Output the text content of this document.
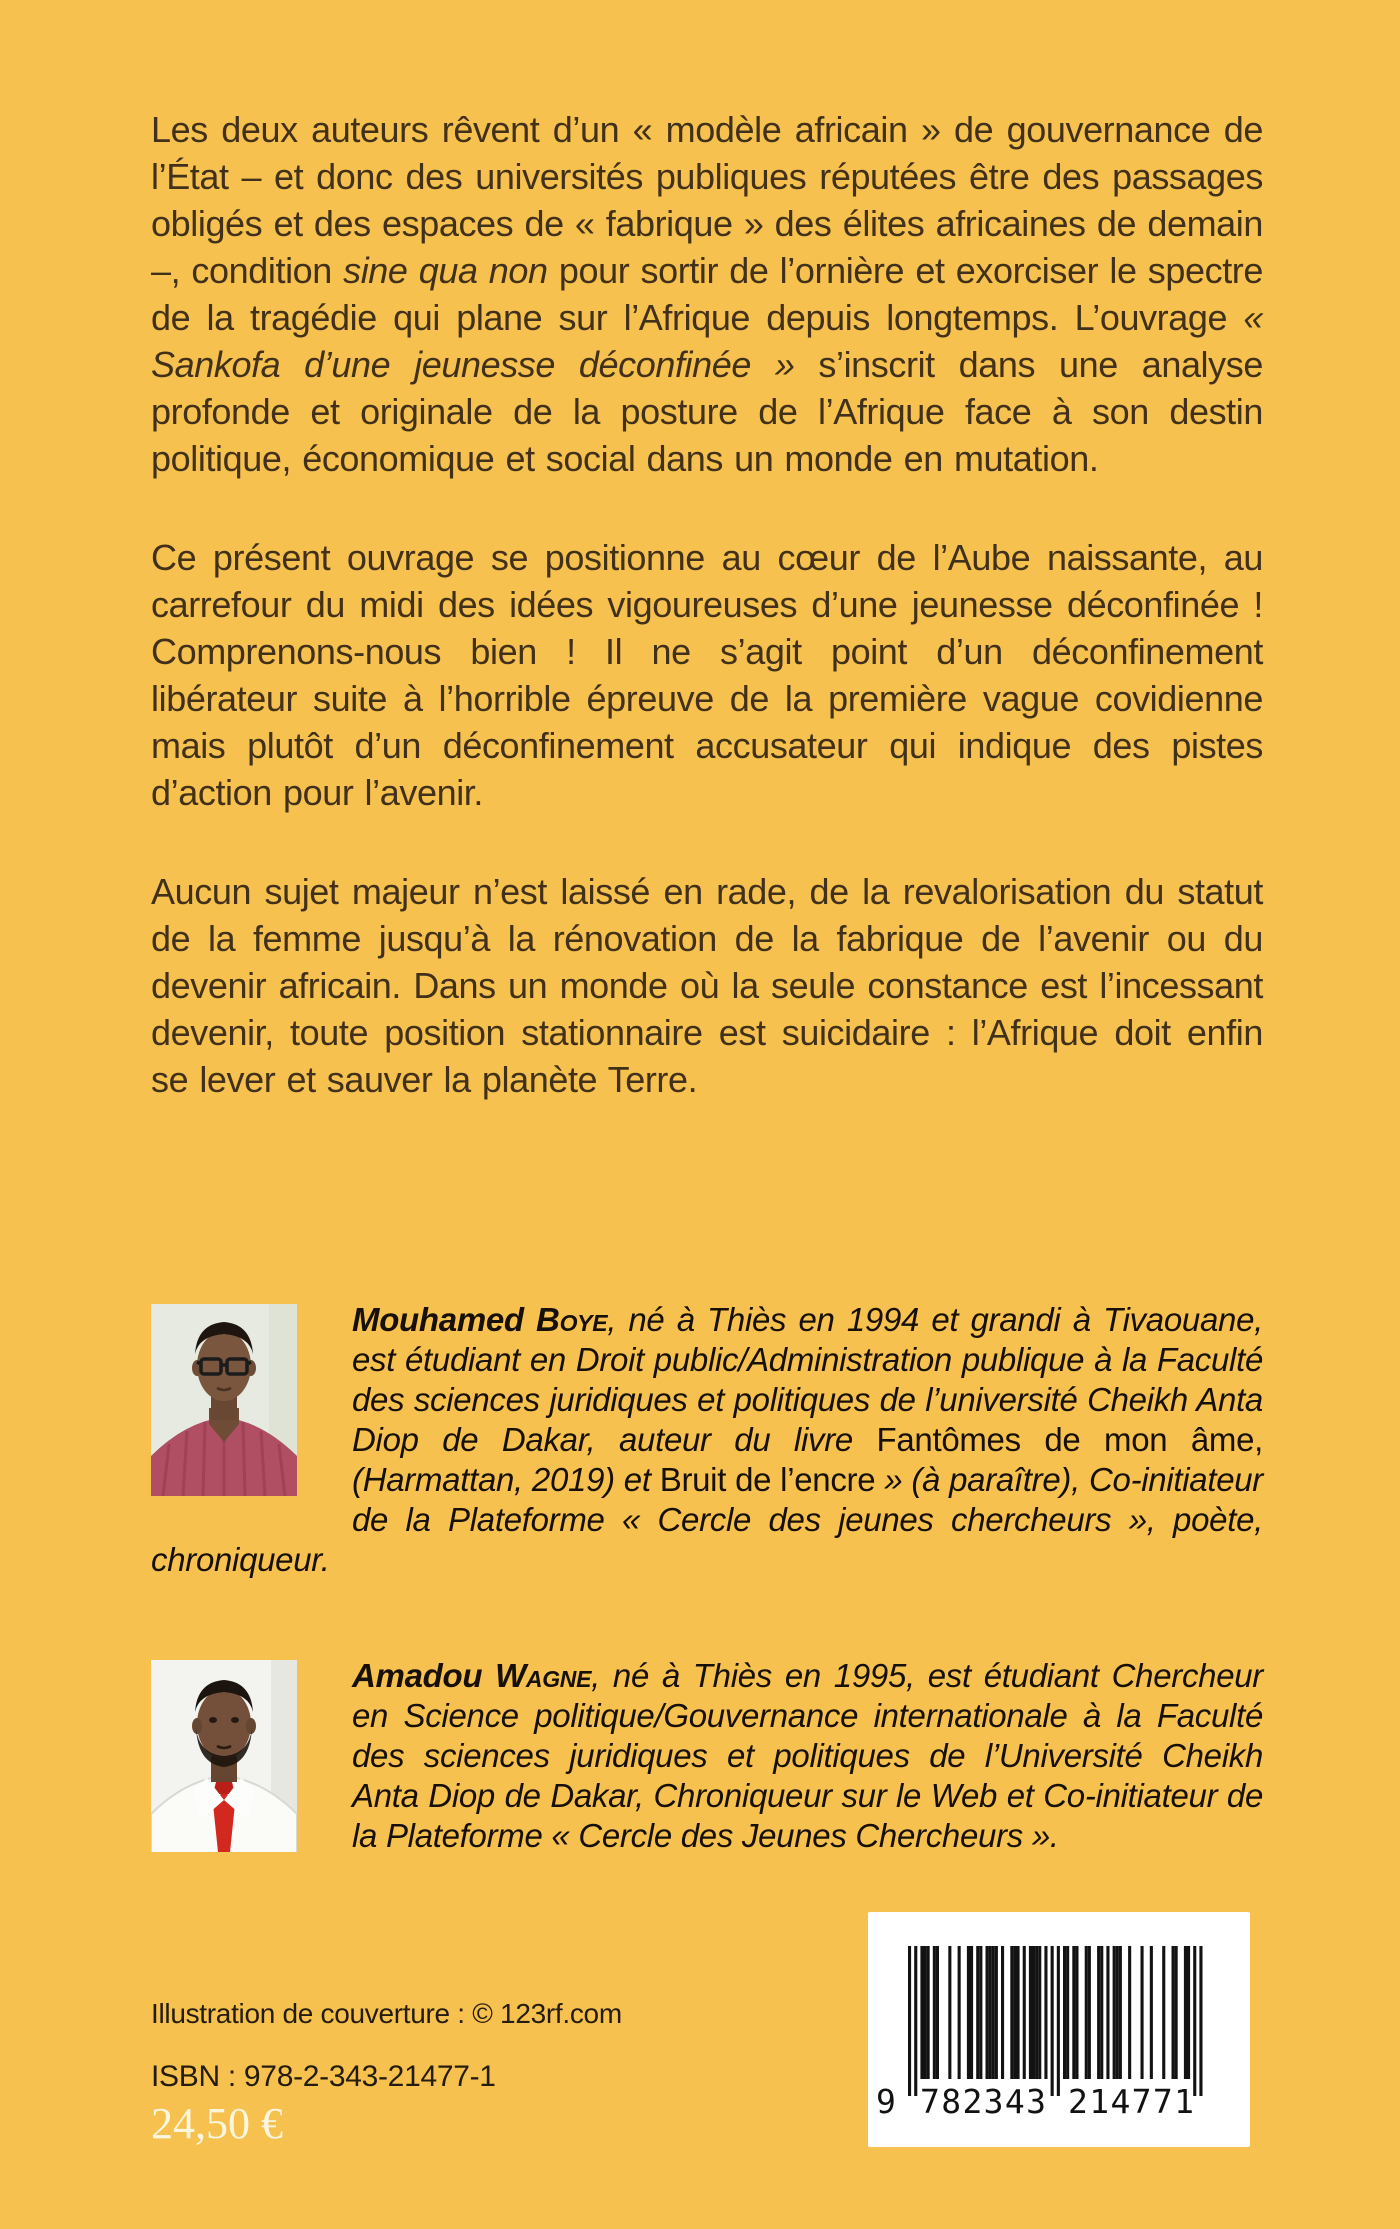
Les deux auteurs rêvent d’un « modèle africain » de gouvernance de l’État – et donc des universités publiques réputées être des passages obligés et des espaces de « fabrique » des élites africaines de demain –, condition sine qua non pour sortir de l’ornière et exorciser le spectre de la tragédie qui plane sur l’Afrique depuis longtemps. L’ouvrage « Sankofa d’une jeunesse déconfinée » s’inscrit dans une analyse profonde et originale de la posture de l’Afrique face à son destin politique, économique et social dans un monde en mutation.

Ce présent ouvrage se positionne au cœur de l’Aube naissante, au carrefour du midi des idées vigoureuses d’une jeunesse déconfinée ! Comprenons-nous bien ! Il ne s’agit point d’un déconfinement libérateur suite à l’horrible épreuve de la première vague covidienne mais plutôt d’un déconfinement accusateur qui indique des pistes d’action pour l’avenir.

Aucun sujet majeur n’est laissé en rade, de la revalorisation du statut de la femme jusqu’à la rénovation de la fabrique de l’avenir ou du devenir africain. Dans un monde où la seule constance est l’incessant devenir, toute position stationnaire est suicidaire : l’Afrique doit enfin se lever et sauver la planète Terre.

Mouhamed Boye, né à Thiès en 1994 et grandi à Tivaouane, est étudiant en Droit public/Administration publique à la Faculté des sciences juridiques et politiques de l’université Cheikh Anta Diop de Dakar, auteur du livre Fantômes de mon âme, (Harmattan, 2019) et Bruit de l’encre » (à paraître), Co-initiateur de la Plateforme « Cercle des jeunes chercheurs », poète, chroniqueur.

Amadou Wagne, né à Thiès en 1995, est étudiant Chercheur en Science politique/Gouvernance internationale à la Faculté des sciences juridiques et politiques de l’Université Cheikh Anta Diop de Dakar, Chroniqueur sur le Web et Co-initiateur de la Plateforme « Cercle des Jeunes Chercheurs ».

Illustration de couverture : © 123rf.com
ISBN : 978-2-343-21477-1
24,50 €	9 782343 214771
